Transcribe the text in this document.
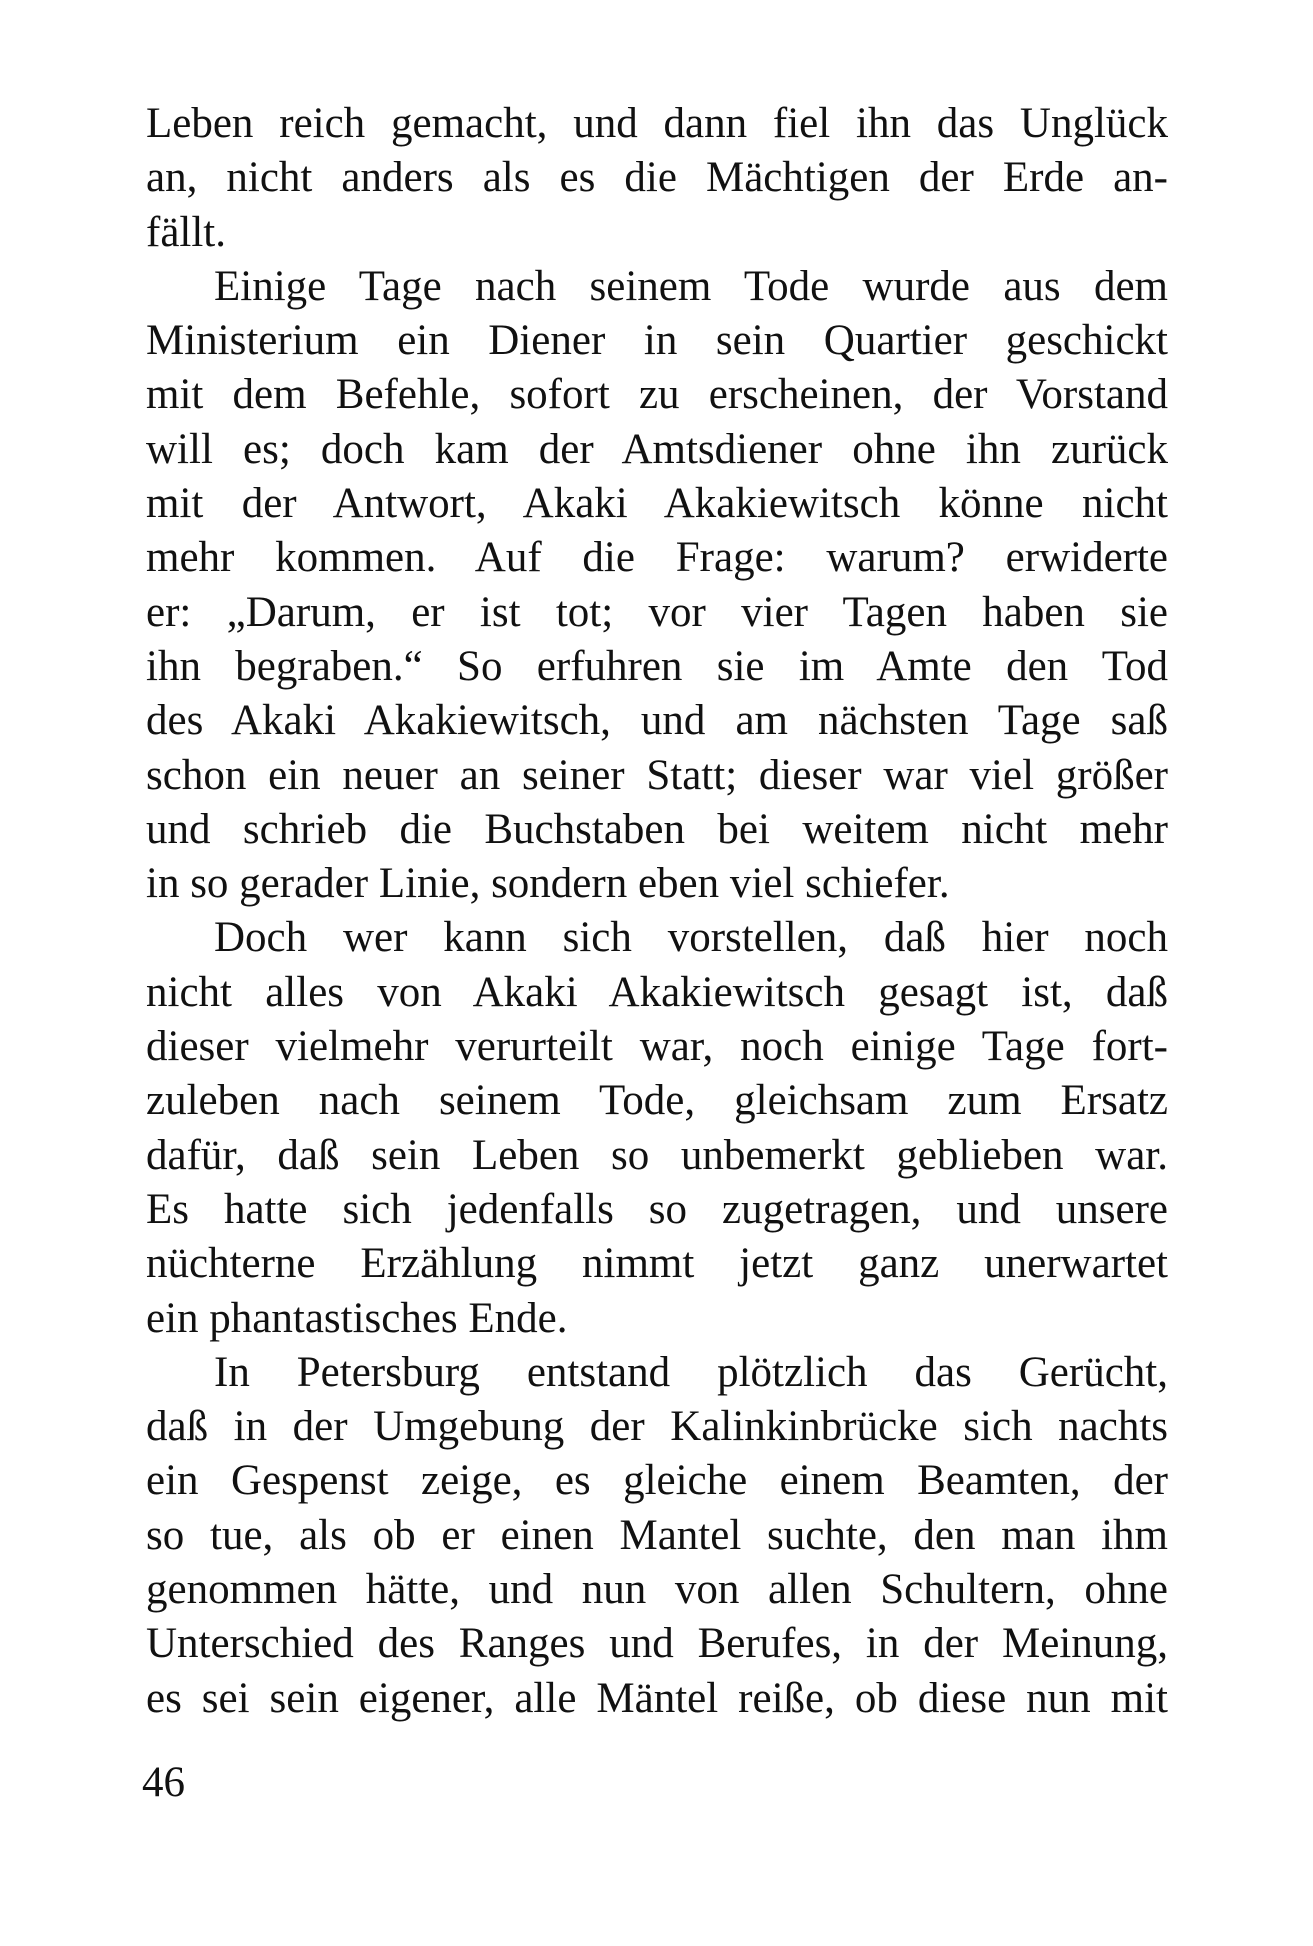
Leben reich gemacht, und dann fiel ihn das Unglück
an, nicht anders als es die Mächtigen der Erde an-
fällt.
Einige Tage nach seinem Tode wurde aus dem
Ministerium ein Diener in sein Quartier geschickt
mit dem Befehle, sofort zu erscheinen, der Vorstand
will es; doch kam der Amtsdiener ohne ihn zurück
mit der Antwort, Akaki Akakiewitsch könne nicht
mehr kommen. Auf die Frage: warum? erwiderte
er: „Darum, er ist tot; vor vier Tagen haben sie
ihn begraben.“ So erfuhren sie im Amte den Tod
des Akaki Akakiewitsch, und am nächsten Tage saß
schon ein neuer an seiner Statt; dieser war viel größer
und schrieb die Buchstaben bei weitem nicht mehr
in so gerader Linie, sondern eben viel schiefer.
Doch wer kann sich vorstellen, daß hier noch
nicht alles von Akaki Akakiewitsch gesagt ist, daß
dieser vielmehr verurteilt war, noch einige Tage fort-
zuleben nach seinem Tode, gleichsam zum Ersatz
dafür, daß sein Leben so unbemerkt geblieben war.
Es hatte sich jedenfalls so zugetragen, und unsere
nüchterne Erzählung nimmt jetzt ganz unerwartet
ein phantastisches Ende.
In Petersburg entstand plötzlich das Gerücht,
daß in der Umgebung der Kalinkinbrücke sich nachts
ein Gespenst zeige, es gleiche einem Beamten, der
so tue, als ob er einen Mantel suchte, den man ihm
genommen hätte, und nun von allen Schultern, ohne
Unterschied des Ranges und Berufes, in der Meinung,
es sei sein eigener, alle Mäntel reiße, ob diese nun mit
46
